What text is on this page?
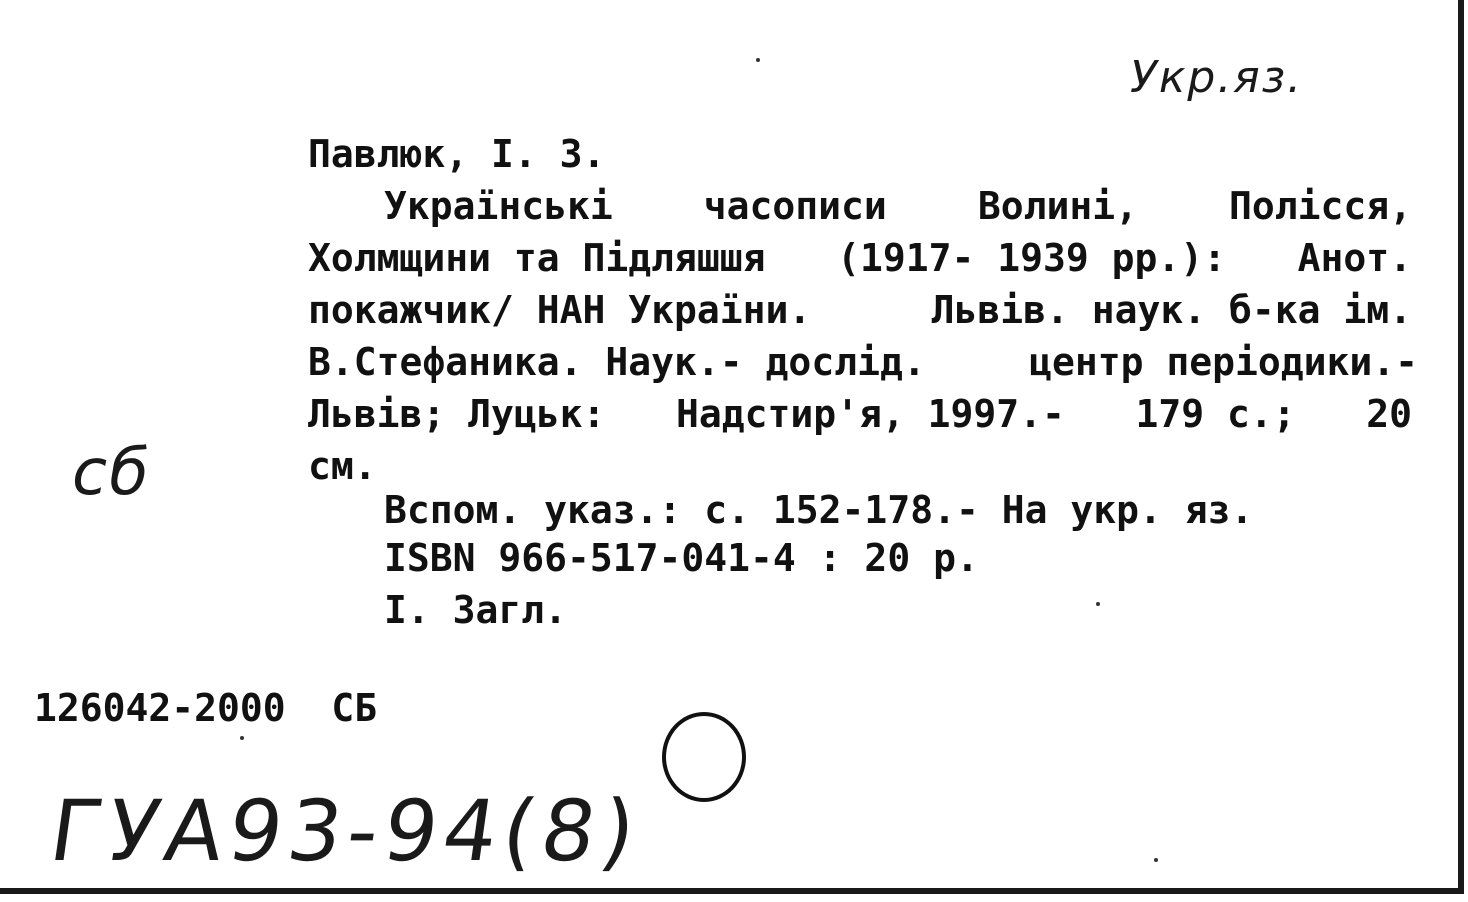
Укр.яз.
Павлюк, І. З.
Українські часописи Волині, Полісся,
Холмщини та Підляшшя (1917- 1939 рр.): Анот.
покажчик/ НАН України.	Львів. наук. б-ка ім.
В.Стефаника. Наук.- дослід.	центр періодики.-
Львів; Луцьк: Надстир'я, 1997.- 179 с.; 20
см.
сб	Вспом. указ.: с. 152-178.- На укр. яз.
ISBN 966-517-041-4 : 20 р.
I. Загл.
126042-2000  СБ
ГУА93-94(8)
